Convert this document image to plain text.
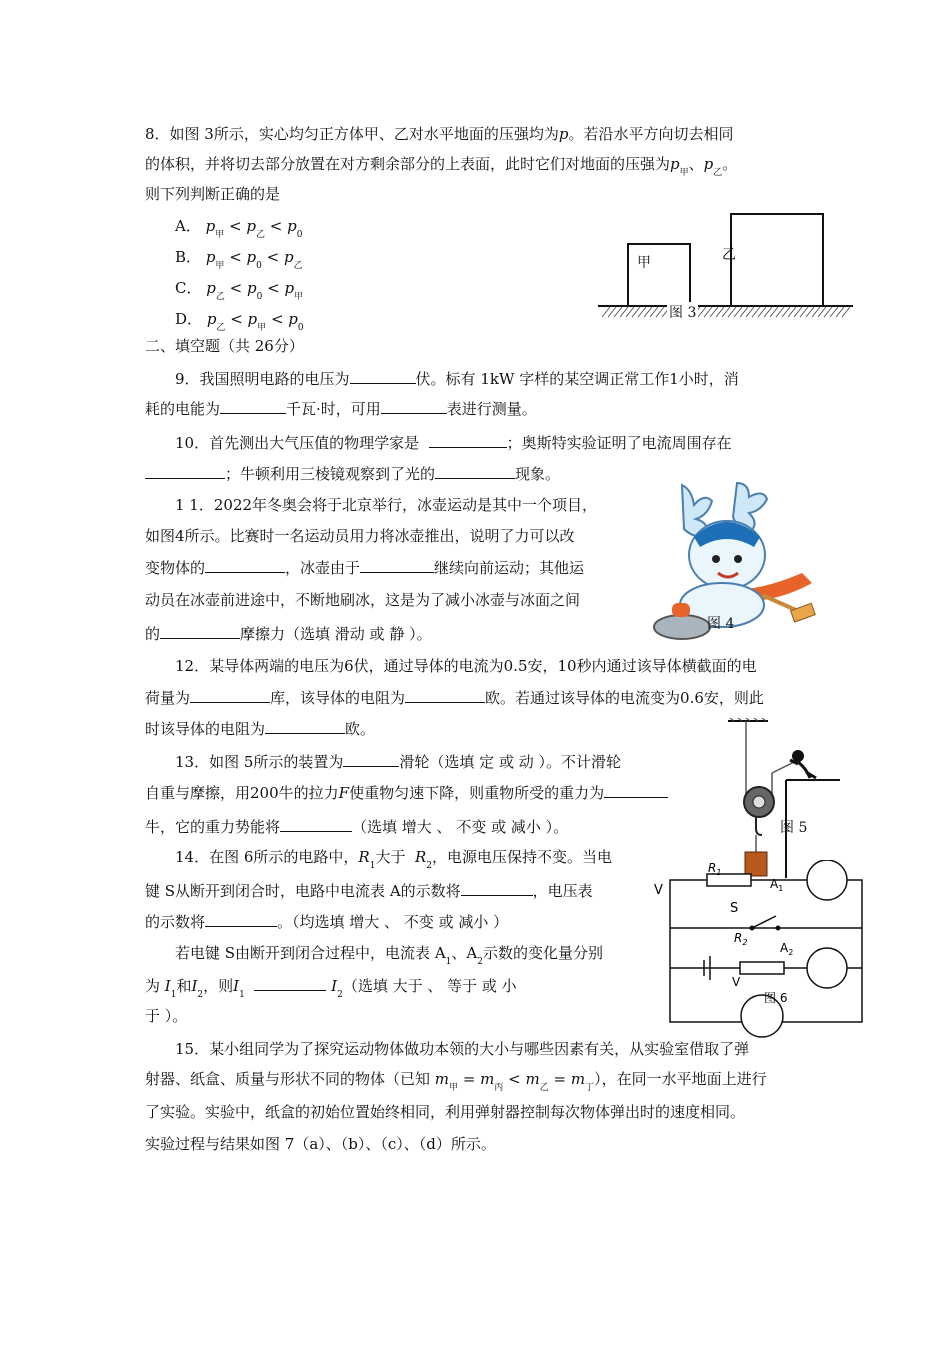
8．如图 3所示，实心均匀正方体甲、乙对水平地面的压强均为p。若沿水平方向切去相同
的体积，并将切去部分放置在对方剩余部分的上表面，此时它们对地面的压强为$p_甲$、$p_乙$。
则下列判断正确的是
A． $p_甲 < p_乙 < p_0$
B． $p_甲 < p_0 < p_乙$
C． $p_乙 < p_0 < p_甲$
D． $p_乙 < p_甲 < p_0$
甲	乙
图 3
二、填空题（共 26分）
9．我国照明电路的电压为	伏。标有 1kW 字样的某空调正常工作1小时，消
耗的电能为	千瓦·时，可用	表进行测量。
10．首先测出大气压值的物理学家是	；奥斯特实验证明了电流周围存在
；牛顿利用三棱镜观察到了光的	现象。
1 1．2022年冬奥会将于北京举行，冰壶运动是其中一个项目，
如图4所示。比赛时一名运动员用力将冰壶推出，说明了力可以改
变物体的	，冰壶由于	继续向前运动；其他运
动员在冰壶前进途中，不断地刷冰，这是为了减小冰壶与冰面之间
的	摩擦力（选填 滑动 或 静 ）。
图 4
12．某导体两端的电压为6伏，通过导体的电流为0.5安，10秒内通过该导体横截面的电
荷量为	库，该导体的电阻为	欧。若通过该导体的电流变为0.6安，则此
时该导体的电阻为	欧。
13．如图 5所示的装置为	滑轮（选填 定 或 动 ）。不计滑轮
自重与摩擦，用200牛的拉力F使重物匀速下降，则重物所受的重力为
牛，它的重力势能将	（选填 增大 、 不变 或 减小 ）。	图 5
14．在图 6所示的电路中，$R_1$大于 $R_2$，电源电压保持不变。当电
键 S从断开到闭合时，电路中电流表 A的示数将	，电压表
的示数将	。（均选填 增大 、 不变 或 减小 ）
若电键 S由断开到闭合过程中，电流表 $A_1$、$A_2$示数的变化量分别
为 $I_1$和$I_2$，则$I_1$	$I_2$（选填 大于 、 等于 或 小
于 ）。
$R_1$
$R_2$
$A_1$
$A_2$
S
V
V
图 6
15．某小组同学为了探究运动物体做功本领的大小与哪些因素有关，从实验室借取了弹
射器、纸盒、质量与形状不同的物体（已知 $m_甲 = m_丙 < m_乙 = m_丁$），在同一水平地面上进行
了实验。实验中，纸盒的初始位置始终相同，利用弹射器控制每次物体弹出时的速度相同。
实验过程与结果如图 7（a）、（b）、（c）、（d）所示。
